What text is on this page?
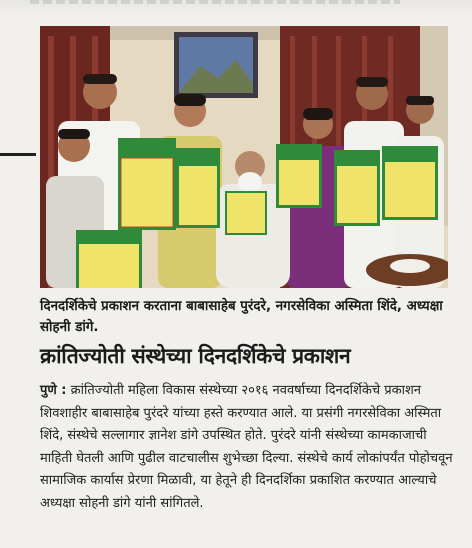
दिनदर्शिकेचे प्रकाशन करताना बाबासाहेब पुरंदरे, नगरसेविका अस्मिता शिंदे, अध्यक्षा सोहनी डांगे.
क्रांतिज्योती संस्थेच्या दिनदर्शिकेचे प्रकाशन
पुणे : क्रांतिज्योती महिला विकास संस्थेच्या २०१६ नववर्षाच्या दिनदर्शिकेचे प्रकाशन शिवशाहीर बाबासाहेब पुरंदरे यांच्या हस्ते करण्यात आले. या प्रसंगी नगरसेविका अस्मिता शिंदे, संस्थेचे सल्लागार ज्ञानेश डांगे उपस्थित होते. पुरंदरे यांनी संस्थेच्या कामकाजाची माहिती घेतली आणि पुढील वाटचालीस शुभेच्छा दिल्या. संस्थेचे कार्य लोकांपर्यंत पोहोचवून सामाजिक कार्यास प्रेरणा मिळावी, या हेतूने ही दिनदर्शिका प्रकाशित करण्यात आल्याचे अध्यक्षा सोहनी डांगे यांनी सांगितले.
